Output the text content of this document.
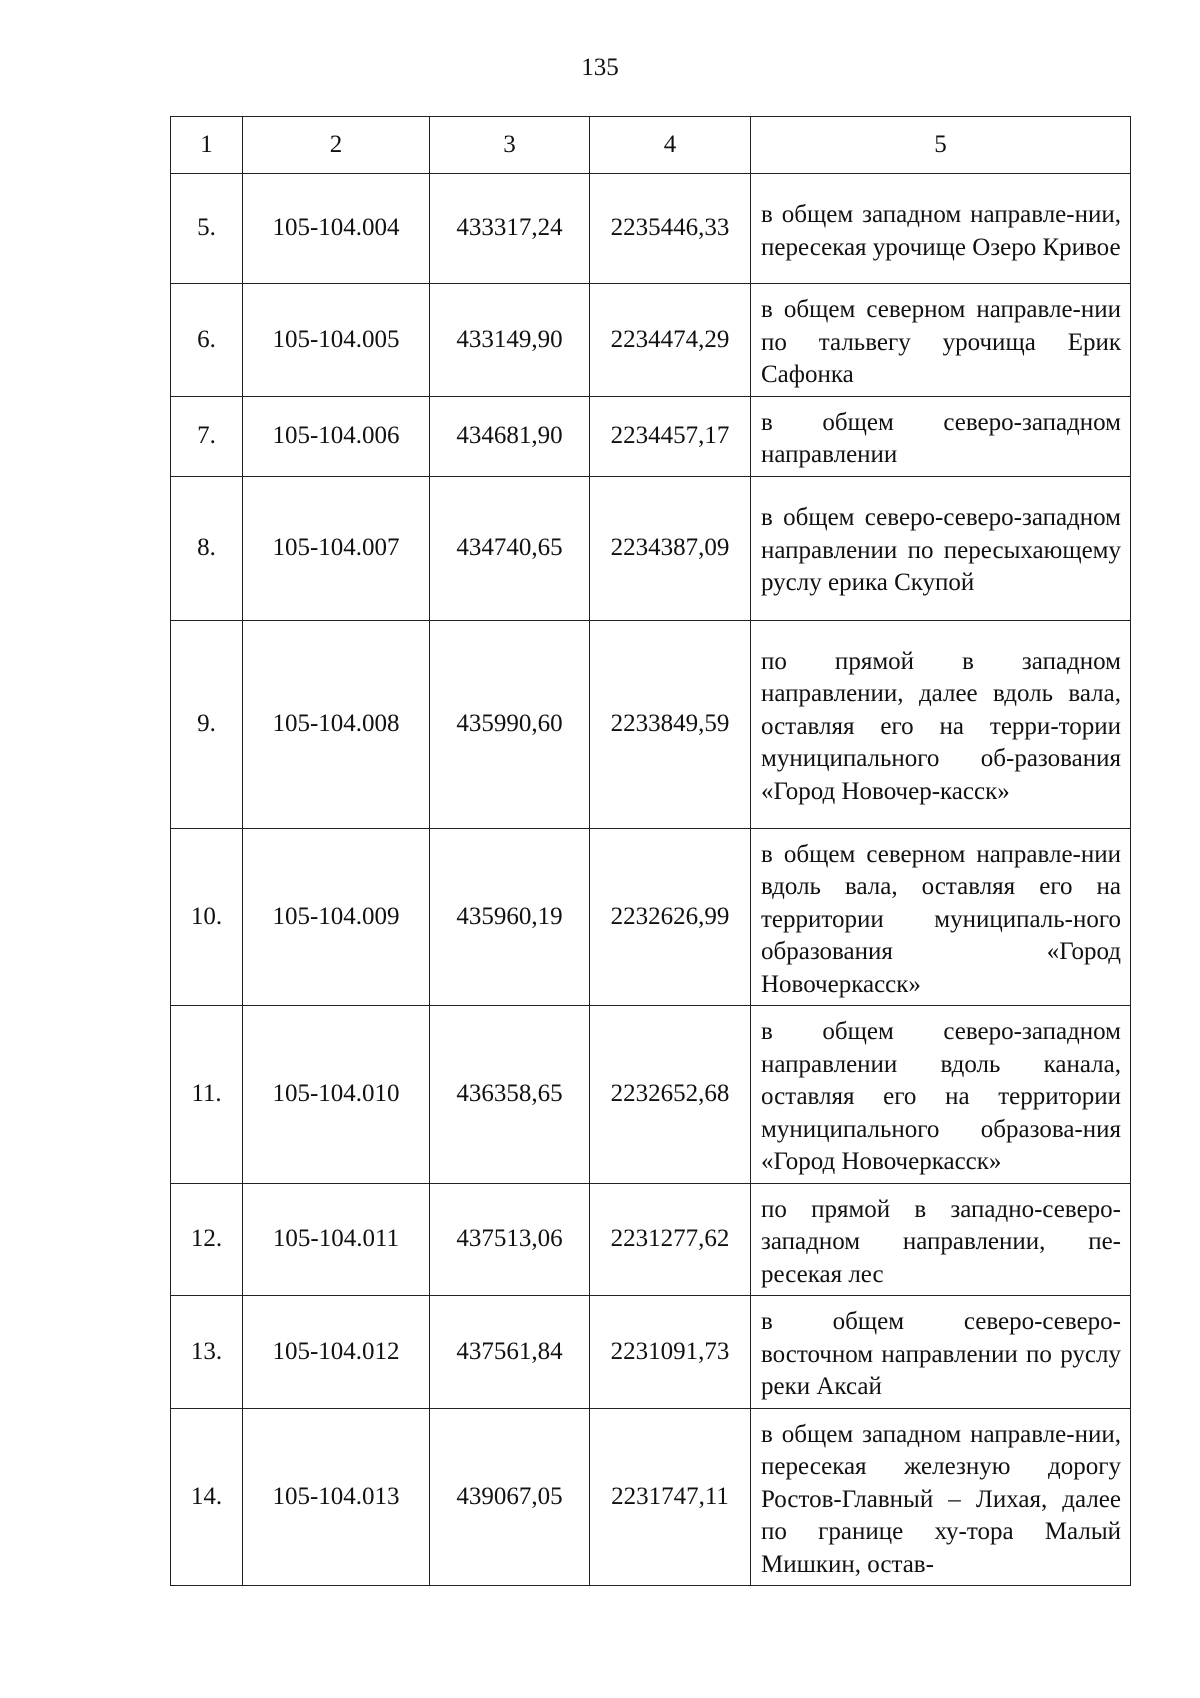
135
1	2	3	4	5
5.	105-104.004	433317,24	2235446,33	в общем западном направле-нии, пересекая урочище Озеро Кривое
6.	105-104.005	433149,90	2234474,29	в общем северном направле-нии по тальвегу урочища Ерик Сафонка
7.	105-104.006	434681,90	2234457,17	в общем северо-западном направлении
8.	105-104.007	434740,65	2234387,09	в общем северо-северо-западном направлении по пересыхающему руслу ерика Скупой
9.	105-104.008	435990,60	2233849,59	по прямой в западном направлении, далее вдоль вала, оставляя его на терри-тории муниципального об-разования «Город Новочер-касск»
10.	105-104.009	435960,19	2232626,99	в общем северном направле-нии вдоль вала, оставляя его на территории муниципаль-ного образования «Город Новочеркасск»
11.	105-104.010	436358,65	2232652,68	в общем северо-западном направлении вдоль канала, оставляя его на территории муниципального образова-ния «Город Новочеркасск»
12.	105-104.011	437513,06	2231277,62	по прямой в западно-северо-западном направлении, пе-ресекая лес
13.	105-104.012	437561,84	2231091,73	в общем северо-северо-восточном направлении по руслу реки Аксай
14.	105-104.013	439067,05	2231747,11	в общем западном направле-нии, пересекая железную дорогу Ростов-Главный – Лихая, далее по границе ху-тора Малый Мишкин, остав-
